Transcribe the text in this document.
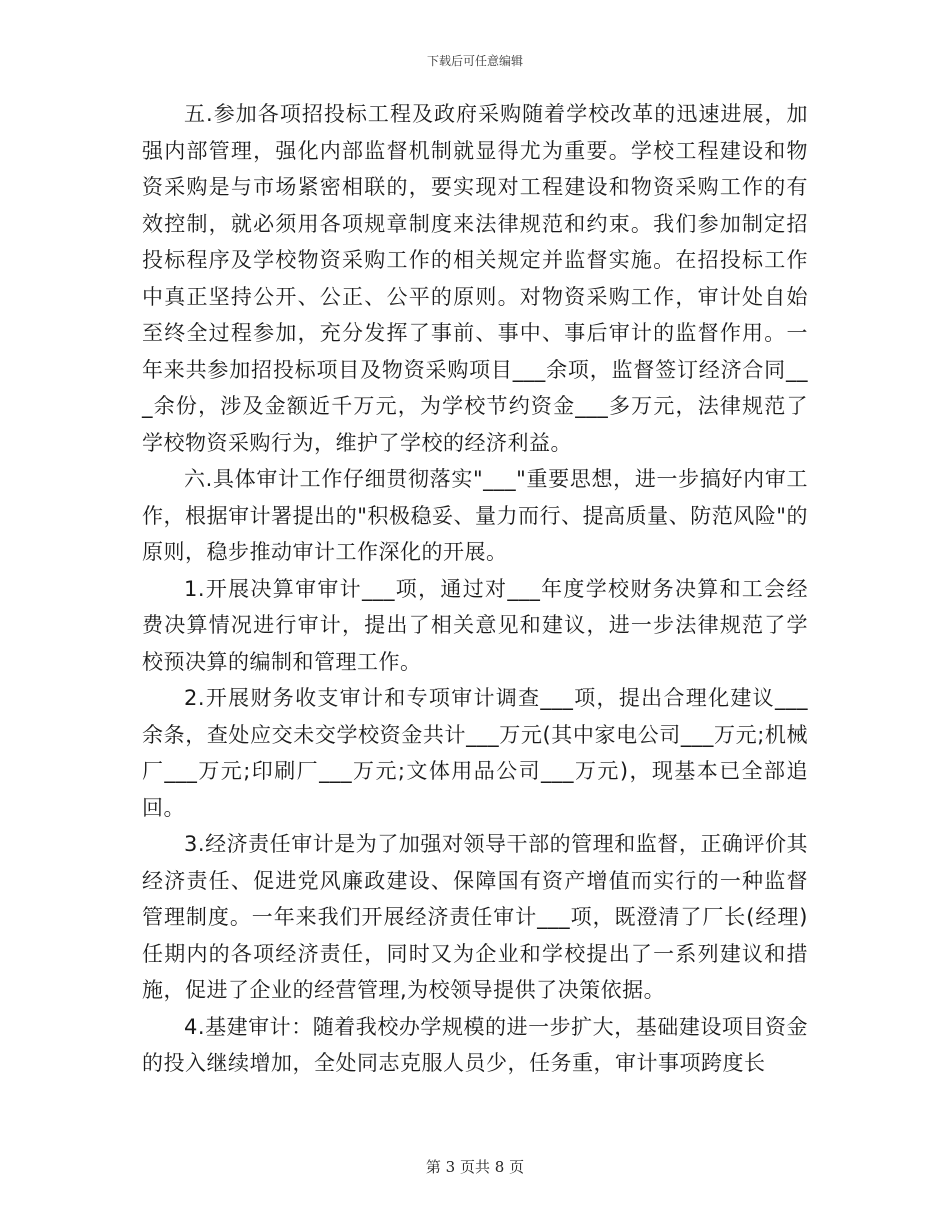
下载后可任意编辑

五.参加各项招投标工程及政府采购随着学校改革的迅速进展，加强内部管理，强化内部监督机制就显得尤为重要。学校工程建设和物资采购是与市场紧密相联的，要实现对工程建设和物资采购工作的有效控制，就必须用各项规章制度来法律规范和约束。我们参加制定招投标程序及学校物资采购工作的相关规定并监督实施。在招投标工作中真正坚持公开、公正、公平的原则。对物资采购工作，审计处自始至终全过程参加，充分发挥了事前、事中、事后审计的监督作用。一年来共参加招投标项目及物资采购项目___余项，监督签订经济合同___余份，涉及金额近千万元，为学校节约资金___多万元，法律规范了学校物资采购行为，维护了学校的经济利益。

六.具体审计工作仔细贯彻落实"___"重要思想，进一步搞好内审工作，根据审计署提出的"积极稳妥、量力而行、提高质量、防范风险"的原则，稳步推动审计工作深化的开展。

1.开展决算审审计___项，通过对___年度学校财务决算和工会经费决算情况进行审计，提出了相关意见和建议，进一步法律规范了学校预决算的编制和管理工作。

2.开展财务收支审计和专项审计调查___项，提出合理化建议___余条，查处应交未交学校资金共计___万元(其中家电公司___万元;机械厂___万元;印刷厂___万元;文体用品公司___万元)，现基本已全部追回。

3.经济责任审计是为了加强对领导干部的管理和监督，正确评价其经济责任、促进党风廉政建设、保障国有资产增值而实行的一种监督管理制度。一年来我们开展经济责任审计___项，既澄清了厂长(经理)任期内的各项经济责任，同时又为企业和学校提出了一系列建议和措施，促进了企业的经营管理,为校领导提供了决策依据。

4.基建审计：随着我校办学规模的进一步扩大，基础建设项目资金的投入继续增加，全处同志克服人员少，任务重，审计事项跨度长

第 3 页共 8 页
